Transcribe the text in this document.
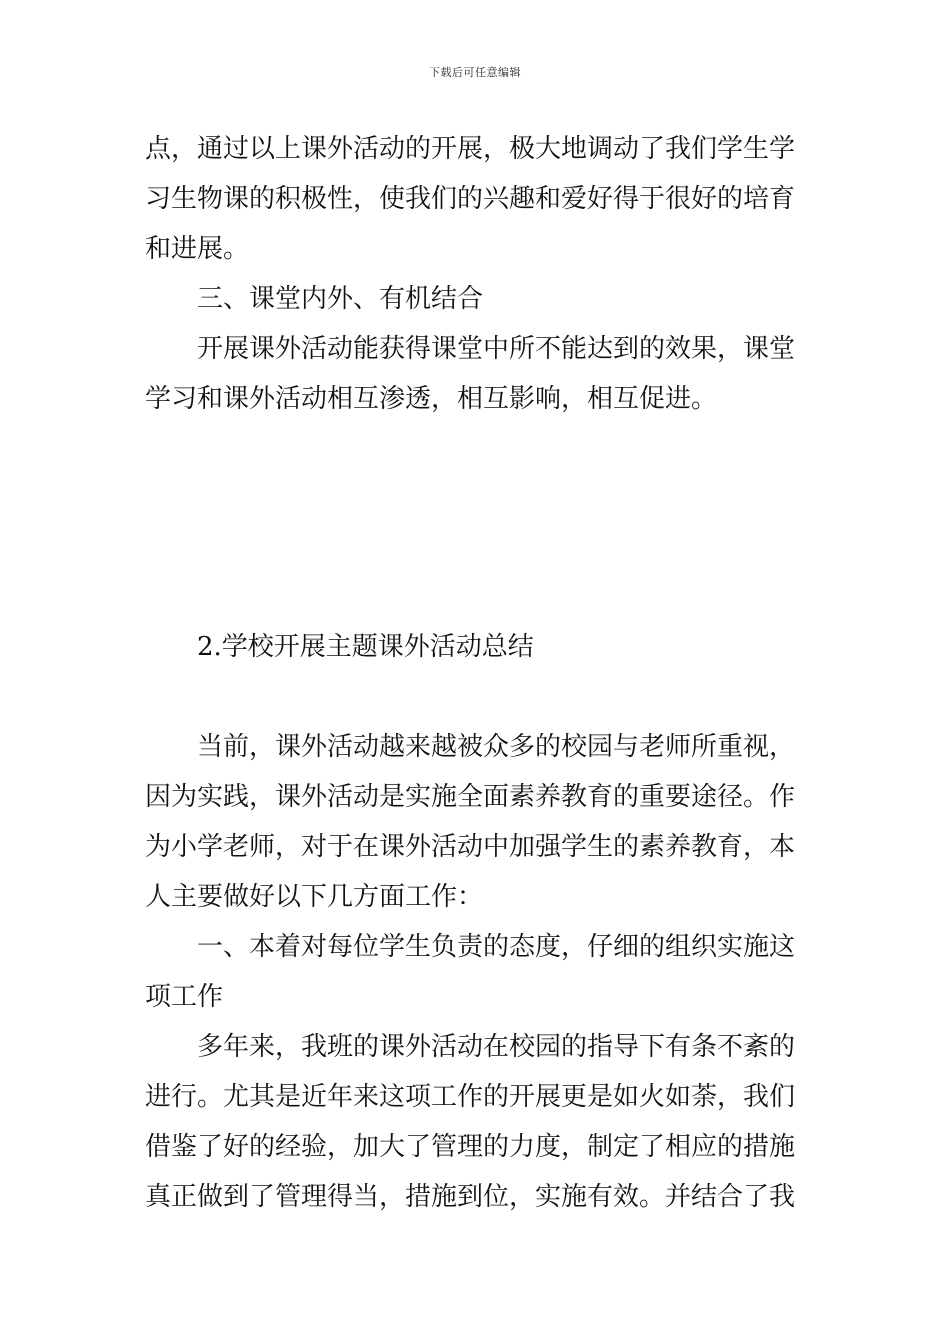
下载后可任意编辑
点，通过以上课外活动的开展，极大地调动了我们学生学
习生物课的积极性，使我们的兴趣和爱好得于很好的培育
和进展。
三、课堂内外、有机结合
开展课外活动能获得课堂中所不能达到的效果，课堂
学习和课外活动相互渗透，相互影响，相互促进。
2.学校开展主题课外活动总结
当前，课外活动越来越被众多的校园与老师所重视，
因为实践，课外活动是实施全面素养教育的重要途径。作
为小学老师，对于在课外活动中加强学生的素养教育，本
人主要做好以下几方面工作：
一、本着对每位学生负责的态度，仔细的组织实施这
项工作
多年来，我班的课外活动在校园的指导下有条不紊的
进行。尤其是近年来这项工作的开展更是如火如荼，我们
借鉴了好的经验，加大了管理的力度，制定了相应的措施
真正做到了管理得当，措施到位，实施有效。并结合了我
